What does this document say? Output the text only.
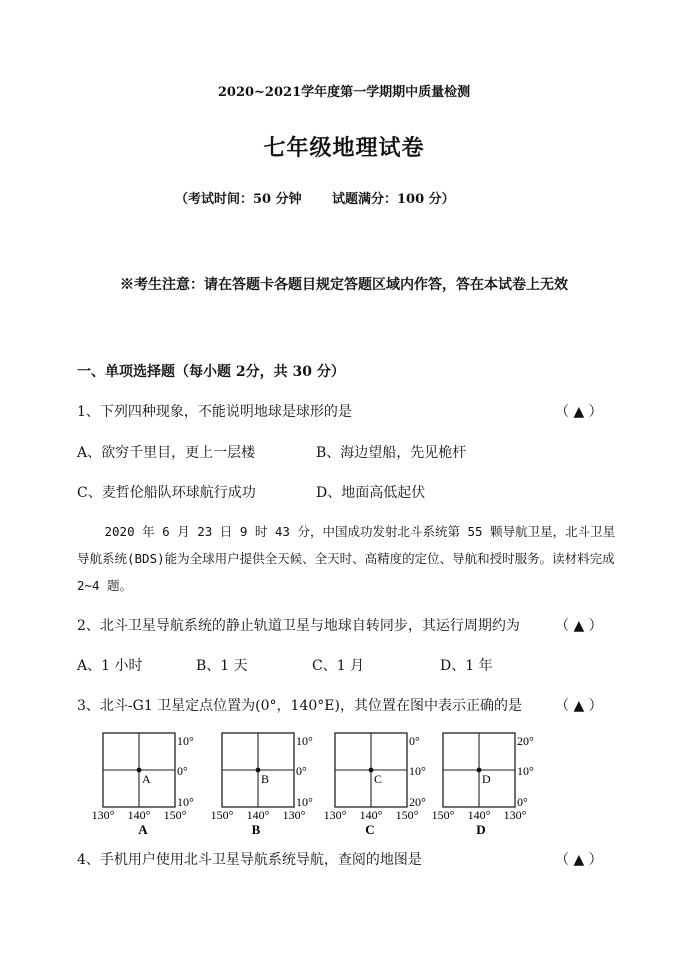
2020~2021学年度第一学期期中质量检测
七年级地理试卷
（考试时间：50 分钟 试题满分：100 分）
※考生注意：请在答题卡各题目规定答题区域内作答，答在本试卷上无效
一、单项选择题（每小题 2分，共 30 分）
1、下列四种现象，不能说明地球是球形的是	（ ▲ ）
A、欲穷千里目，更上一层楼	B、海边望船，先见桅杆
C、麦哲伦船队环球航行成功	D、地面高低起伏
2020 年 6 月 23 日 9 时 43 分，中国成功发射北斗系统第 55 颗导航卫星，北斗卫星导航系统(BDS)能为全球用户提供全天候、全天时、高精度的定位、导航和授时服务。读材料完成 2~4 题。
2、北斗卫星导航系统的静止轨道卫星与地球自转同步，其运行周期约为	（ ▲ ）
A、1 小时	B、1 天	C、1 月	D、1 年
3、北斗-G1 卫星定点位置为(0°，140°E)，其位置在图中表示正确的是 （ ▲ ）
A
10°
0°
10°
130° 140° 150°
A
B
10°
0°
10°
150° 140° 130°
B
C
0°
10°
20°
130° 140° 150°
C
D
20°
10°
0°
150° 140° 130°
D
4、手机用户使用北斗卫星导航系统导航，查阅的地图是	（ ▲ ）
